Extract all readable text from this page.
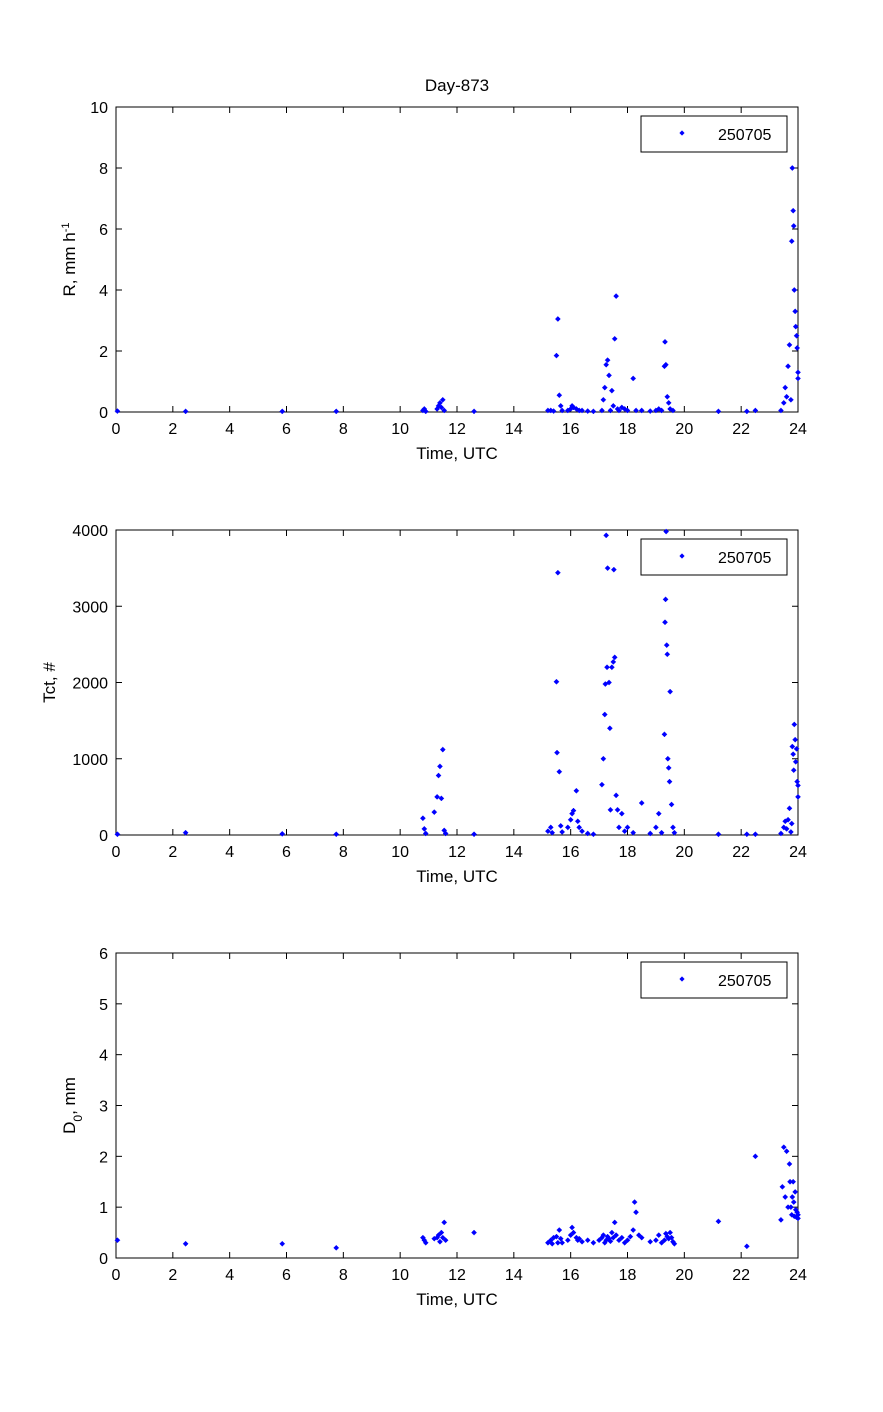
Day-873
0	2	4	6	8	10 12 14 16 18 20 22 24
0
2
4
6
8
10
Time, UTC
R, mm $h^{-1}$
250705
0	2	4	6	8	10 12 14 16 18 20 22 24
0
1000
2000
3000
4000
Time, UTC
Tct, #
250705
0	2	4	6	8	10 12 14 16 18 20 22 24
0
1
2
3
4
5
6
Time, UTC
$D_0$, mm
250705
